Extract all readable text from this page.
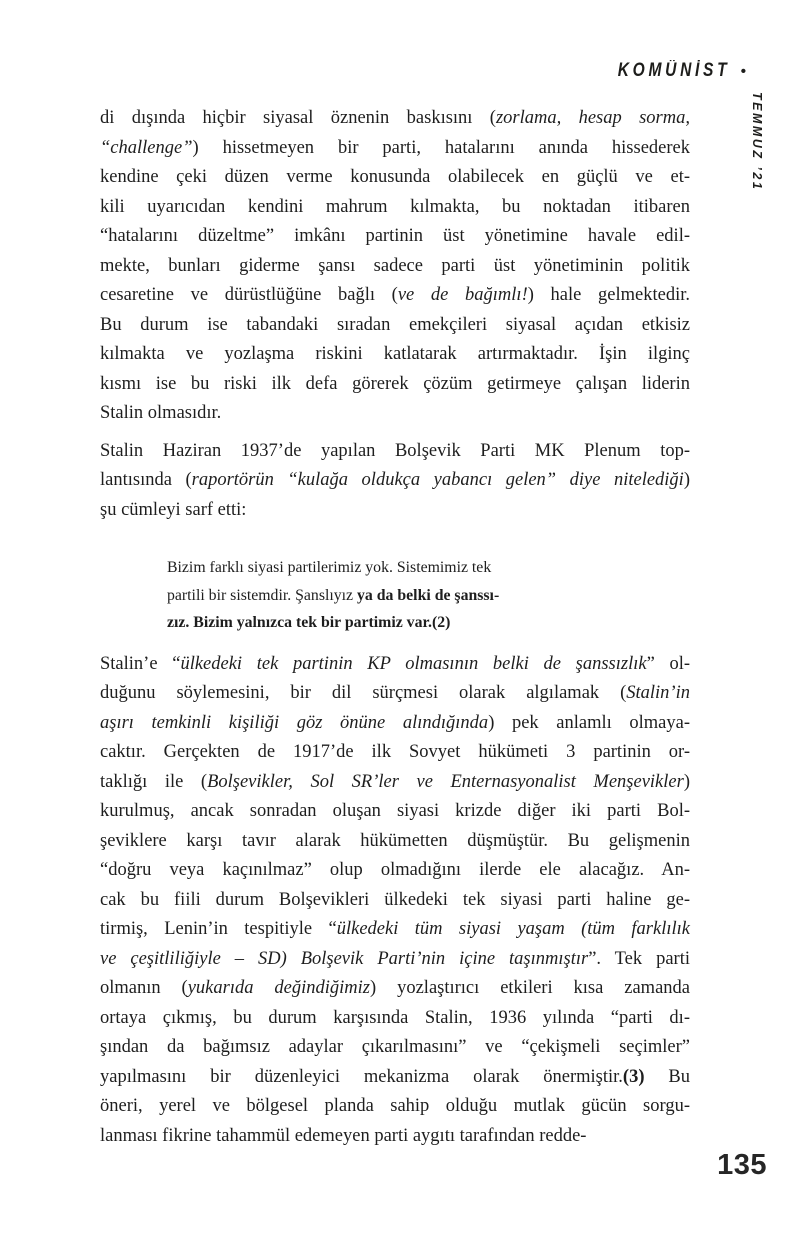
KOMÜNİST •
TEMMUZ ’21
di dışında hiçbir siyasal öznenin baskısını (zorlama, hesap sorma,
“challenge”) hissetmeyen bir parti, hatalarını anında hissederek
kendine çeki düzen verme konusunda olabilecek en güçlü ve et-
kili uyarıcıdan kendini mahrum kılmakta, bu noktadan itibaren
“hatalarını düzeltme” imkânı partinin üst yönetimine havale edil-
mekte, bunları giderme şansı sadece parti üst yönetiminin politik
cesaretine ve dürüstlüğüne bağlı (ve de bağımlı!) hale gelmektedir.
Bu durum ise tabandaki sıradan emekçileri siyasal açıdan etkisiz
kılmakta ve yozlaşma riskini katlatarak artırmaktadır. İşin ilginç
kısmı ise bu riski ilk defa görerek çözüm getirmeye çalışan liderin
Stalin olmasıdır.
Stalin Haziran 1937’de yapılan Bolşevik Parti MK Plenum top-
lantısında (raportörün “kulağa oldukça yabancı gelen” diye nitelediği)
şu cümleyi sarf etti:
Bizim farklı siyasi partilerimiz yok. Sistemimiz tek
partili bir sistemdir. Şanslıyız ya da belki de şanssı-
zız. Bizim yalnızca tek bir partimiz var.(2)
Stalin’e “ülkedeki tek partinin KP olmasının belki de şanssızlık” ol-
duğunu söylemesini, bir dil sürçmesi olarak algılamak (Stalin’in
aşırı temkinli kişiliği göz önüne alındığında) pek anlamlı olmaya-
caktır. Gerçekten de 1917’de ilk Sovyet hükümeti 3 partinin or-
taklığı ile (Bolşevikler, Sol SR’ler ve Enternasyonalist Menşevikler)
kurulmuş, ancak sonradan oluşan siyasi krizde diğer iki parti Bol-
şeviklere karşı tavır alarak hükümetten düşmüştür. Bu gelişmenin
“doğru veya kaçınılmaz” olup olmadığını ilerde ele alacağız. An-
cak bu fiili durum Bolşevikleri ülkedeki tek siyasi parti haline ge-
tirmiş, Lenin’in tespitiyle “ülkedeki tüm siyasi yaşam (tüm farklılık
ve çeşitliliğiyle – SD) Bolşevik Parti’nin içine taşınmıştır”. Tek parti
olmanın (yukarıda değindiğimiz) yozlaştırıcı etkileri kısa zamanda
ortaya çıkmış, bu durum karşısında Stalin, 1936 yılında “parti dı-
şından da bağımsız adaylar çıkarılmasını” ve “çekişmeli seçimler”
yapılmasını bir düzenleyici mekanizma olarak önermiştir.(3) Bu
öneri, yerel ve bölgesel planda sahip olduğu mutlak gücün sorgu-
lanması fikrine tahammül edemeyen parti aygıtı tarafından redde-
135
